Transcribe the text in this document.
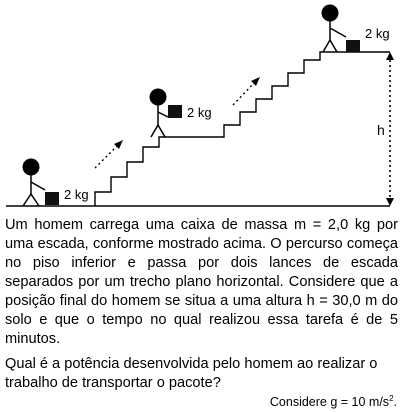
h
2 kg
2 kg
2 kg

Um homem carrega uma caixa de massa m = 2,0 kg por uma escada, conforme mostrado acima. O percurso começa no piso inferior e passa por dois lances de escada separados por um trecho plano horizontal. Considere que a posição final do homem se situa a uma altura h = 30,0 m do solo e que o tempo no qual realizou essa tarefa é de 5 minutos.

Qual é a potência desenvolvida pelo homem ao realizar o trabalho de transportar o pacote?

Considere g = 10 $m/s^2$.
